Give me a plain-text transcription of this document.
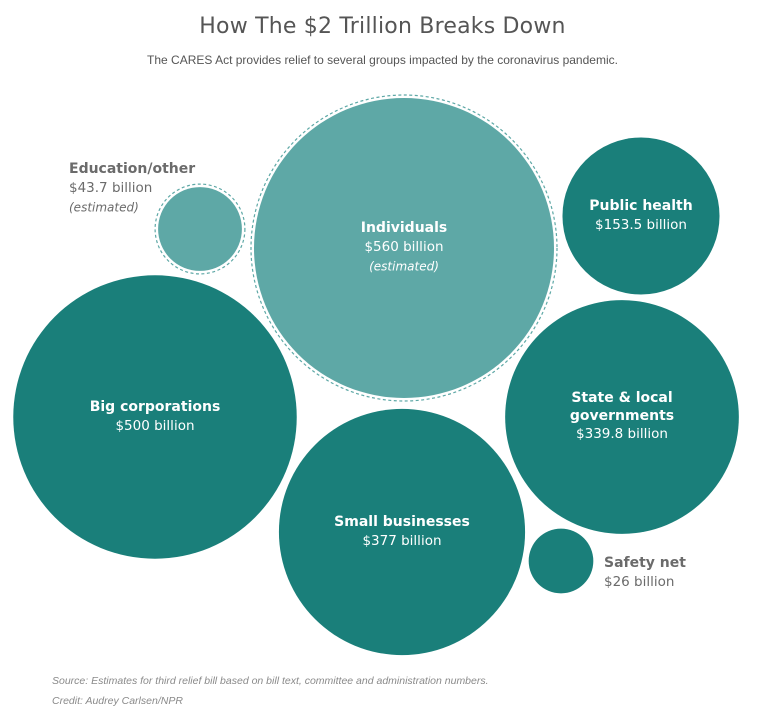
How The $2 Trillion Breaks Down
The CARES Act provides relief to several groups impacted by the coronavirus pandemic.
Individuals
$560 billion
(estimated)
Big corporations
$500 billion
Small businesses
$377 billion
State & local
governments
$339.8 billion
Public health
$153.5 billion
Education/other
$43.7 billion
(estimated)
Safety net
$26 billion
Source: Estimates for third relief bill based on bill text, committee and administration numbers.
Credit: Audrey Carlsen/NPR
